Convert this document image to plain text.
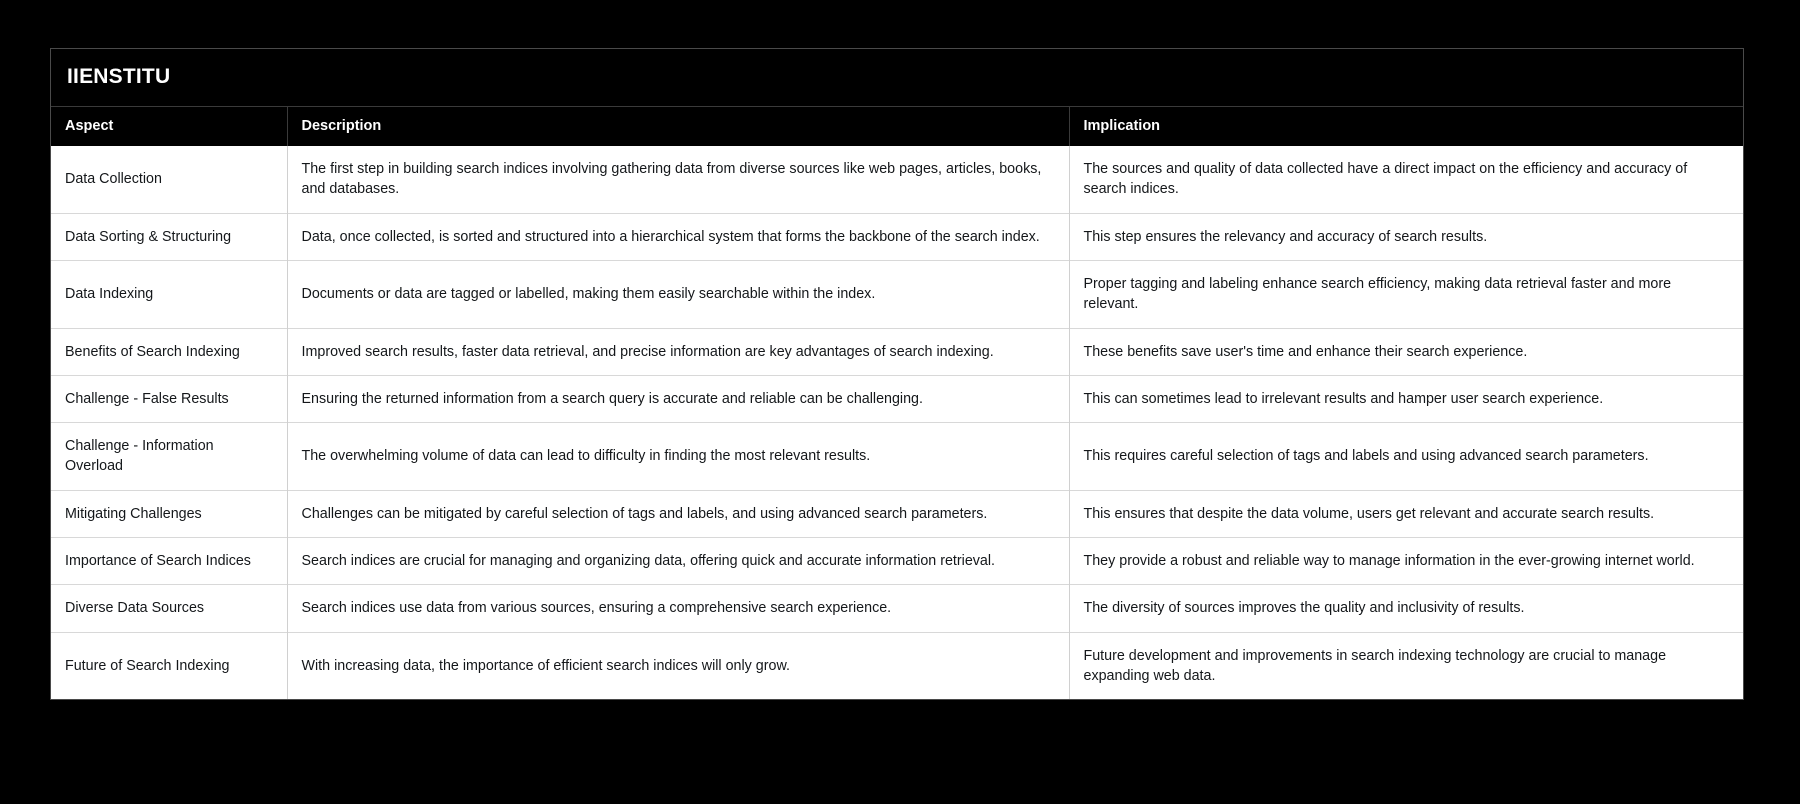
IIENSTITU
Aspect	Description	Implication
Data Collection	The first step in building search indices involving gathering data from diverse sources like web pages, articles, books, and databases.	The sources and quality of data collected have a direct impact on the efficiency and accuracy of search indices.
Data Sorting & Structuring	Data, once collected, is sorted and structured into a hierarchical system that forms the backbone of the search index.	This step ensures the relevancy and accuracy of search results.
Data Indexing	Documents or data are tagged or labelled, making them easily searchable within the index.	Proper tagging and labeling enhance search efficiency, making data retrieval faster and more relevant.
Benefits of Search Indexing	Improved search results, faster data retrieval, and precise information are key advantages of search indexing.	These benefits save user's time and enhance their search experience.
Challenge - False Results	Ensuring the returned information from a search query is accurate and reliable can be challenging.	This can sometimes lead to irrelevant results and hamper user search experience.
Challenge - Information Overload	The overwhelming volume of data can lead to difficulty in finding the most relevant results.	This requires careful selection of tags and labels and using advanced search parameters.
Mitigating Challenges	Challenges can be mitigated by careful selection of tags and labels, and using advanced search parameters.	This ensures that despite the data volume, users get relevant and accurate search results.
Importance of Search Indices	Search indices are crucial for managing and organizing data, offering quick and accurate information retrieval.	They provide a robust and reliable way to manage information in the ever-growing internet world.
Diverse Data Sources	Search indices use data from various sources, ensuring a comprehensive search experience.	The diversity of sources improves the quality and inclusivity of results.
Future of Search Indexing	With increasing data, the importance of efficient search indices will only grow.	Future development and improvements in search indexing technology are crucial to manage expanding web data.
